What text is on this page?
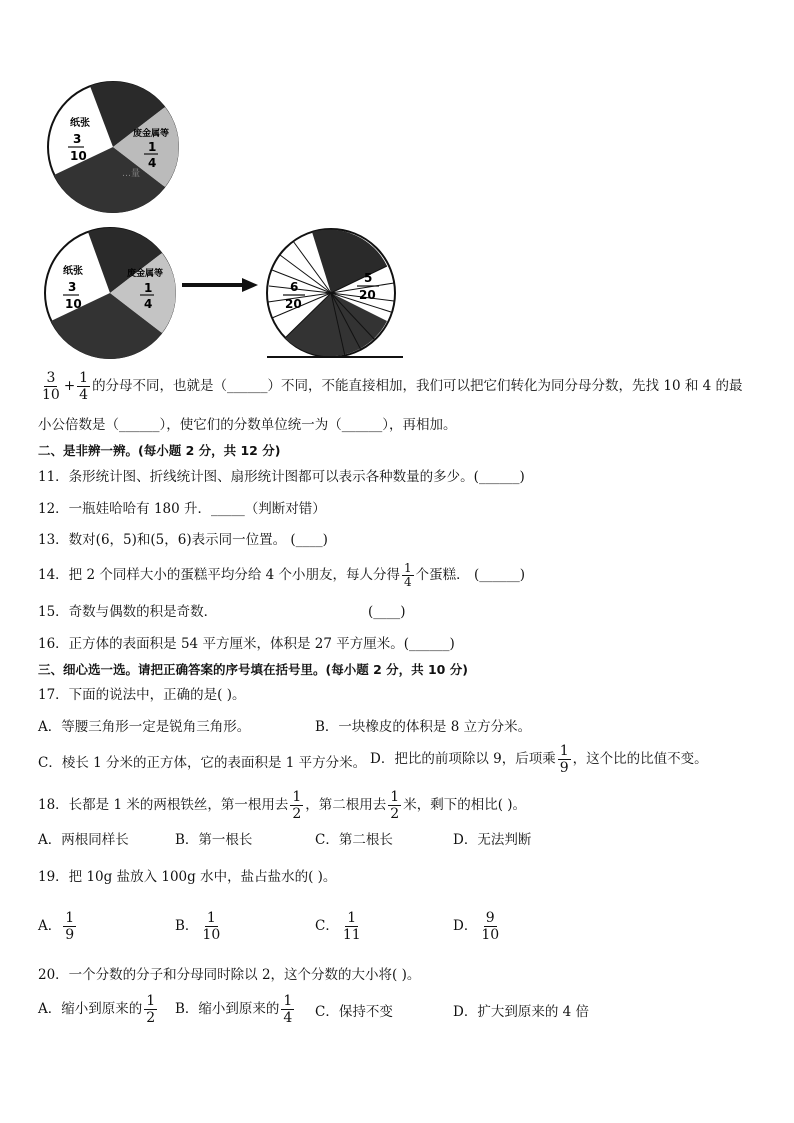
纸张
3
10
废金属等
1
4
…量
纸张
3
10
废金属等
1
4
6
20
5
20
$\frac{3}{10} + \frac{1}{4}$ 的分母不同，也就是（______）不同，不能直接相加，我们可以把它们转化为同分母分数，先找 10 和 4 的最
小公倍数是（______），使它们的分数单位统一为（______），再相加。
二、是非辨一辨。(每小题 2 分，共 12 分)
11．条形统计图、折线统计图、扇形统计图都可以表示各种数量的多少。(______)
12．一瓶娃哈哈有 180 升．_____（判断对错）
13．数对(6，5)和(5，6)表示同一位置。 (____)
14．把 2 个同样大小的蛋糕平均分给 4 个小朋友，每人分得 $\frac{1}{4}$ 个蛋糕． (______)
15．奇数与偶数的积是奇数．	(____)
16．正方体的表面积是 54 平方厘米，体积是 27 平方厘米。(______)
三、细心选一选。请把正确答案的序号填在括号里。(每小题 2 分，共 10 分)
17．下面的说法中，正确的是( )。
A．等腰三角形一定是锐角三角形。	B．一块橡皮的体积是 8 立方分米。
C．棱长 1 分米的正方体，它的表面积是 1 平方分米。 D．把比的前项除以 9，后项乘 $\frac{1}{9}$ ，这个比的比值不变。
18．长都是 1 米的两根铁丝，第一根用去 $\frac{1}{2}$ ，第二根用去 $\frac{1}{2}$ 米，剩下的相比( )。
A．两根同样长	B．第一根长	C．第二根长	D．无法判断
19．把 10g 盐放入 100g 水中，盐占盐水的( )。
A． $\frac{1}{9}$	B． $\frac{1}{10}$	C． $\frac{1}{11}$	D． $\frac{9}{10}$
20．一个分数的分子和分母同时除以 2，这个分数的大小将( )。
A．缩小到原来的 $\frac{1}{2}$ B．缩小到原来的 $\frac{1}{4}$ C．保持不变	D．扩大到原来的 4 倍
